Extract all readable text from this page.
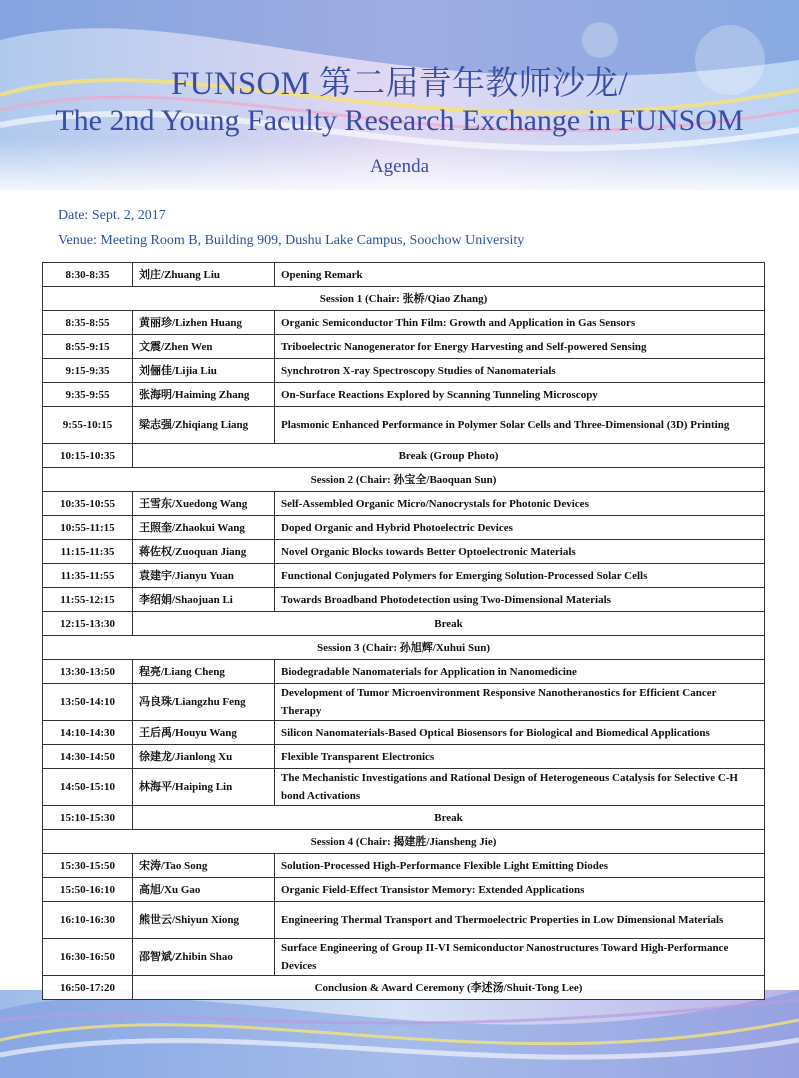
FUNSOM 第二届青年教师沙龙/
The 2nd Young Faculty Research Exchange in FUNSOM
Agenda
Date: Sept. 2, 2017
Venue: Meeting Room B, Building 909, Dushu Lake Campus, Soochow University
8:30-8:35	刘庄/Zhuang Liu	Opening Remark
Session 1 (Chair: 张桥/Qiao Zhang)		
8:35-8:55	黄丽珍/Lizhen Huang	Organic Semiconductor Thin Film: Growth and Application in Gas Sensors
8:55-9:15	文震/Zhen Wen	Triboelectric Nanogenerator for Energy Harvesting and Self-powered Sensing
9:15-9:35	刘俪佳/Lijia Liu	Synchrotron X-ray Spectroscopy Studies of Nanomaterials
9:35-9:55	张海明/Haiming Zhang	On-Surface Reactions Explored by Scanning Tunneling Microscopy
9:55-10:15	梁志强/Zhiqiang Liang	Plasmonic Enhanced Performance in Polymer Solar Cells and Three-Dimensional (3D) Printing
10:15-10:35	Break (Group Photo)	
Session 2 (Chair: 孙宝全/Baoquan Sun)		
10:35-10:55	王雪东/Xuedong Wang	Self-Assembled Organic Micro/Nanocrystals for Photonic Devices
10:55-11:15	王照奎/Zhaokui Wang	Doped Organic and Hybrid Photoelectric Devices
11:15-11:35	蒋佐权/Zuoquan Jiang	Novel Organic Blocks towards Better Optoelectronic Materials
11:35-11:55	袁建宇/Jianyu Yuan	Functional Conjugated Polymers for Emerging Solution-Processed Solar Cells
11:55-12:15	李绍娟/Shaojuan Li	Towards Broadband Photodetection using Two-Dimensional Materials
12:15-13:30	Break	
Session 3 (Chair: 孙旭辉/Xuhui Sun)		
13:30-13:50	程亮/Liang Cheng	Biodegradable Nanomaterials for Application in Nanomedicine
13:50-14:10	冯良珠/Liangzhu Feng	Development of Tumor Microenvironment Responsive Nanotheranostics for Efficient Cancer Therapy
14:10-14:30	王后禹/Houyu Wang	Silicon Nanomaterials-Based Optical Biosensors for Biological and Biomedical Applications
14:30-14:50	徐建龙/Jianlong Xu	Flexible Transparent Electronics
14:50-15:10	林海平/Haiping Lin	The Mechanistic Investigations and Rational Design of Heterogeneous Catalysis for Selective C-H bond Activations
15:10-15:30	Break	
Session 4 (Chair: 揭建胜/Jiansheng Jie)		
15:30-15:50	宋涛/Tao Song	Solution-Processed High-Performance Flexible Light Emitting Diodes
15:50-16:10	高旭/Xu Gao	Organic Field-Effect Transistor Memory: Extended Applications
16:10-16:30	熊世云/Shiyun Xiong	Engineering Thermal Transport and Thermoelectric Properties in Low Dimensional Materials
16:30-16:50	邵智斌/Zhibin Shao	Surface Engineering of Group II-VI Semiconductor Nanostructures Toward High-Performance Devices
16:50-17:20	Conclusion & Award Ceremony (李述汤/Shuit-Tong Lee)	
